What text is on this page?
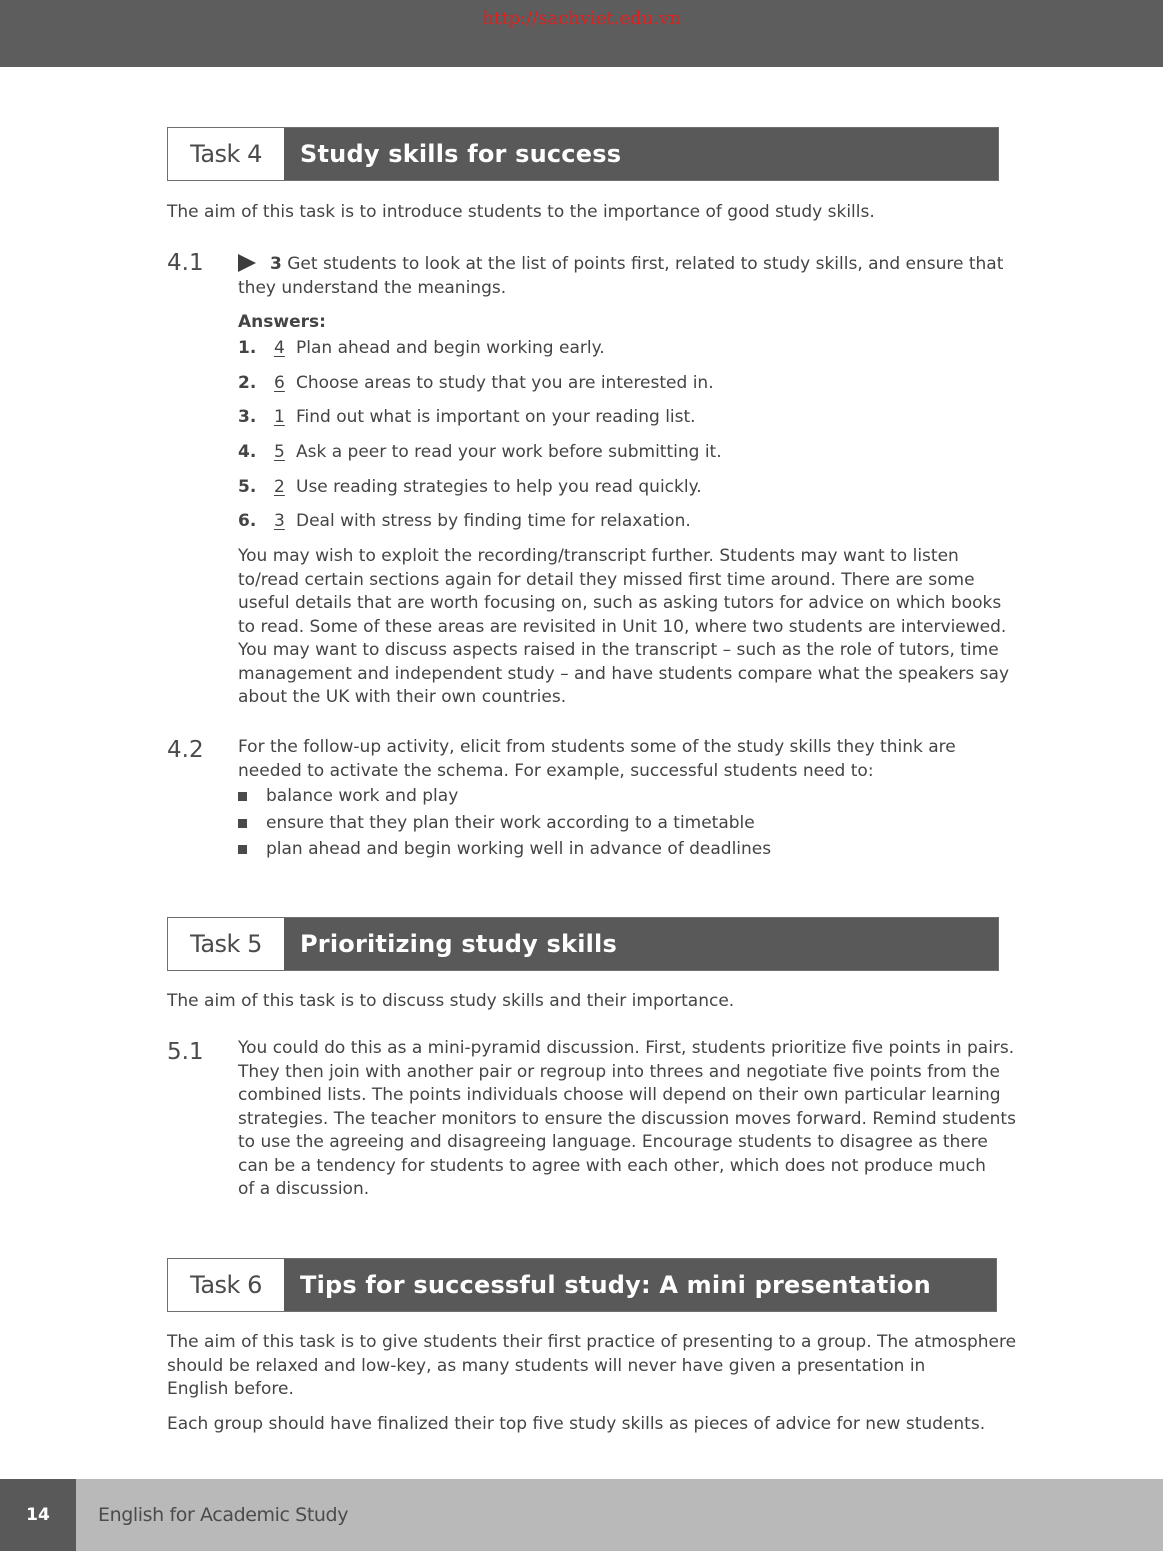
http://sachviet.edu.vn
Task 4	Study skills for success

The aim of this task is to introduce students to the importance of good study skills.

4.1	3 Get students to look at the list of points first, related to study skills, and ensure that
they understand the meanings.

Answers:
1.	4 Plan ahead and begin working early.
2.	6 Choose areas to study that you are interested in.
3.	1 Find out what is important on your reading list.
4.	5 Ask a peer to read your work before submitting it.
5.	2 Use reading strategies to help you read quickly.
6.	3 Deal with stress by finding time for relaxation.

You may wish to exploit the recording/transcript further. Students may want to listen
to/read certain sections again for detail they missed first time around. There are some
useful details that are worth focusing on, such as asking tutors for advice on which books
to read. Some of these areas are revisited in Unit 10, where two students are interviewed.
You may want to discuss aspects raised in the transcript – such as the role of tutors, time
management and independent study – and have students compare what the speakers say
about the UK with their own countries.

4.2 For the follow-up activity, elicit from students some of the study skills they think are
needed to activate the schema. For example, successful students need to:

balance work and play
ensure that they plan their work according to a timetable
plan ahead and begin working well in advance of deadlines
Task 5	Prioritizing study skills

The aim of this task is to discuss study skills and their importance.

5.1 You could do this as a mini-pyramid discussion. First, students prioritize five points in pairs.
They then join with another pair or regroup into threes and negotiate five points from the
combined lists. The points individuals choose will depend on their own particular learning
strategies. The teacher monitors to ensure the discussion moves forward. Remind students
to use the agreeing and disagreeing language. Encourage students to disagree as there
can be a tendency for students to agree with each other, which does not produce much
of a discussion.

Task 6	Tips for successful study: A mini presentation

The aim of this task is to give students their first practice of presenting to a group. The atmosphere
should be relaxed and low-key, as many students will never have given a presentation in
English before.

Each group should have finalized their top five study skills as pieces of advice for new students.

14	English for Academic Study
